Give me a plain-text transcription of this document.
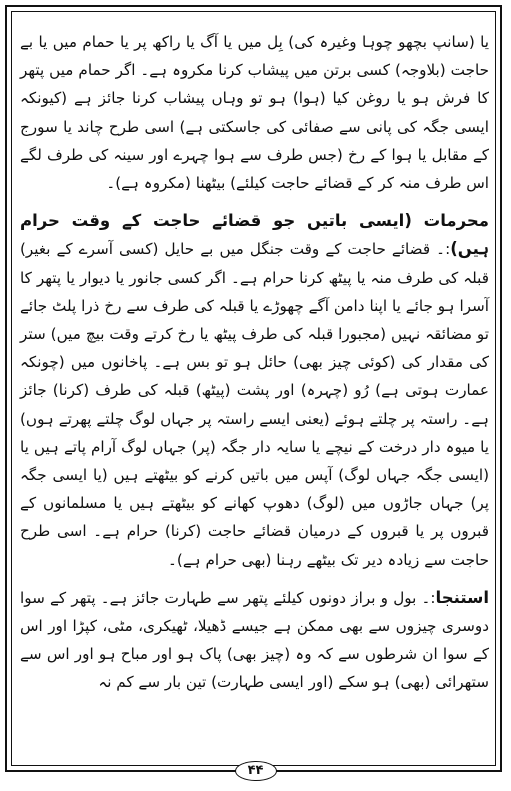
یا (سانپ بچھو چوہا وغیرہ کی) بِل میں یا آگ یا راکھ پر یا حمام میں یا بے حاجت (بلاوجہ) کسی برتن میں پیشاب کرنا مکروہ ہے۔ اگر حمام میں پتھر کا فرش ہو یا روغن کیا (ہوا) ہو تو وہاں پیشاب کرنا جائز ہے (کیونکہ ایسی جگہ کی پانی سے صفائی کی جاسکتی ہے) اسی طرح چاند یا سورج کے مقابل یا ہوا کے رخ (جس طرف سے ہوا چہرے اور سینہ کی طرف لگے اس طرف منہ کر کے قضائے حاجت کیلئے) بیٹھنا (مکروہ ہے)۔

محرمات (ایسی باتیں جو قضائے حاجت کے وقت حرام ہیں):۔ قضائے حاجت کے وقت جنگل میں بے حایل (کسی آسرے کے بغیر) قبلہ کی طرف منہ یا پیٹھ کرنا حرام ہے۔ اگر کسی جانور یا دیوار یا پتھر کا آسرا ہو جائے یا اپنا دامن آگے چھوڑے یا قبلہ کی طرف سے رخ ذرا پلٹ جائے تو مضائقہ نہیں (مجبورا قبلہ کی طرف پیٹھ یا رخ کرتے وقت بیچ میں) ستر کی مقدار کی (کوئی چیز بھی) حائل ہو تو بس ہے۔ پاخانوں میں (چونکہ عمارت ہوتی ہے) رُو (چہرہ) اور پشت (پیٹھ) قبلہ کی طرف (کرنا) جائز ہے۔ راستہ پر چلتے ہوئے (یعنی ایسے راستہ پر جہاں لوگ چلتے پھرتے ہوں) یا میوہ دار درخت کے نیچے یا سایہ دار جگہ (پر) جہاں لوگ آرام پاتے ہیں یا (ایسی جگہ جہاں لوگ) آپس میں باتیں کرنے کو بیٹھتے ہیں (یا ایسی جگہ پر) جہاں جاڑوں میں (لوگ) دھوپ کھانے کو بیٹھتے ہیں یا مسلمانوں کے قبروں پر یا قبروں کے درمیان قضائے حاجت (کرنا) حرام ہے۔ اسی طرح حاجت سے زیادہ دیر تک بیٹھے رہنا (بھی حرام ہے)۔

استنجا:۔ بول و براز دونوں کیلئے پتھر سے طہارت جائز ہے۔ پتھر کے سوا دوسری چیزوں سے بھی ممکن ہے جیسے ڈھیلا، ٹھیکری، مٹی، کپڑا اور اس کے سوا ان شرطوں سے کہ وہ (چیز بھی) پاک ہو اور مباح ہو اور اس سے ستھرائی (بھی) ہو سکے (اور ایسی طہارت) تین بار سے کم نہ

۴۴
